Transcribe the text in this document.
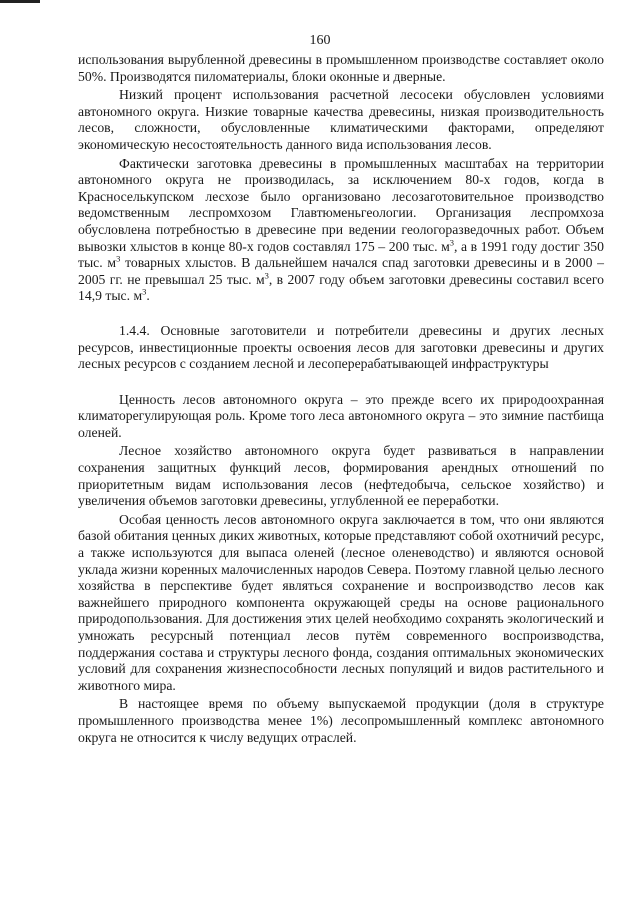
160

использования вырубленной древесины в промышленном производстве составляет около 50%. Производятся пиломатериалы, блоки оконные и дверные.

Низкий процент использования расчетной лесосеки обусловлен условиями автономного округа. Низкие товарные качества древесины, низкая производительность лесов, сложности, обусловленные климатическими факторами, определяют экономическую несостоятельность данного вида использования лесов.

Фактически заготовка древесины в промышленных масштабах на территории автономного округа не производилась, за исключением 80-х годов, когда в Красноселькупском лесхозе было организовано лесозаготовительное производство ведомственным леспромхозом Главтюменьгеологии. Организация леспромхоза обусловлена потребностью в древесине при ведении геологоразведочных работ. Объем вывозки хлыстов в конце 80-х годов составлял 175 – 200 тыс. $м^3$, а в 1991 году достиг 350 тыс. $м^3$ товарных хлыстов. В дальнейшем начался спад заготовки древесины и в 2000 – 2005 гг. не превышал 25 тыс. $м^3$, в 2007 году объем заготовки древесины составил всего 14,9 тыс. $м^3$.

1.4.4. Основные заготовители и потребители древесины и других лесных ресурсов, инвестиционные проекты освоения лесов для заготовки древесины и других лесных ресурсов с созданием лесной и лесоперерабатывающей инфраструктуры

Ценность лесов автономного округа – это прежде всего их природоохранная климаторегулирующая роль. Кроме того леса автономного округа – это зимние пастбища оленей.

Лесное хозяйство автономного округа будет развиваться в направлении сохранения защитных функций лесов, формирования арендных отношений по приоритетным видам использования лесов (нефтедобыча, сельское хозяйство) и увеличения объемов заготовки древесины, углубленной ее переработки.

Особая ценность лесов автономного округа заключается в том, что они являются базой обитания ценных диких животных, которые представляют собой охотничий ресурс, а также используются для выпаса оленей (лесное оленеводство) и являются основой уклада жизни коренных малочисленных народов Севера. Поэтому главной целью лесного хозяйства в перспективе будет являться сохранение и воспроизводство лесов как важнейшего природного компонента окружающей среды на основе рационального природопользования. Для достижения этих целей необходимо сохранять экологический и умножать ресурсный потенциал лесов путём современного воспроизводства, поддержания состава и структуры лесного фонда, создания оптимальных экономических условий для сохранения жизнеспособности лесных популяций и видов растительного и животного мира.

В настоящее время по объему выпускаемой продукции (доля в структуре промышленного производства менее 1%) лесопромышленный комплекс автономного округа не относится к числу ведущих отраслей.
